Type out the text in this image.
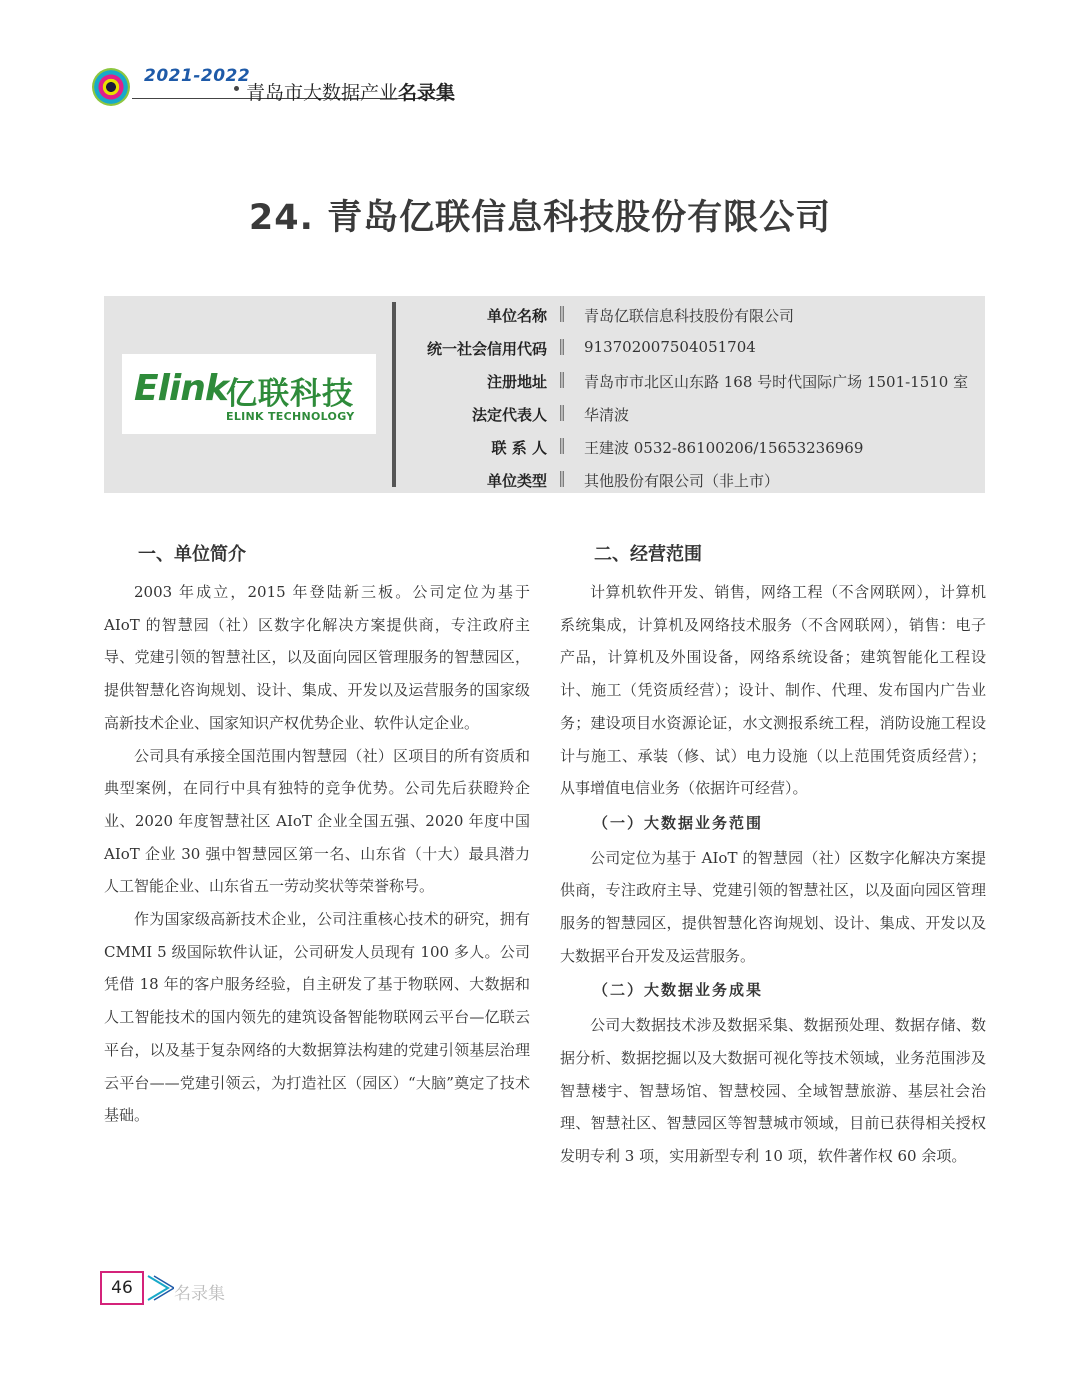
2021-2022
青岛市大数据产业名录集
24. 青岛亿联信息科技股份有限公司
Elink
亿联科技
ELINK TECHNOLOGY
单位名称 ‖ 青岛亿联信息科技股份有限公司
统一社会信用代码 ‖ 913702007504051704
注册地址 ‖ 青岛市市北区山东路 168 号时代国际广场 1501-1510 室
法定代表人 ‖ 华清波
联 系 人 ‖ 王建波 0532-86100206/15653236969
单位类型 ‖ 其他股份有限公司（非上市）
一、单位简介

2003 年成立，2015 年登陆新三板。公司定位为基于 AIoT 的智慧园（社）区数字化解决方案提供商，专注政府主导、党建引领的智慧社区，以及面向园区管理服务的智慧园区，提供智慧化咨询规划、设计、集成、开发以及运营服务的国家级高新技术企业、国家知识产权优势企业、软件认定企业。

公司具有承接全国范围内智慧园（社）区项目的所有资质和典型案例，在同行中具有独特的竞争优势。公司先后获瞪羚企业、2020 年度智慧社区 AIoT 企业全国五强、2020 年度中国 AIoT 企业 30 强中智慧园区第一名、山东省（十大）最具潜力人工智能企业、山东省五一劳动奖状等荣誉称号。

作为国家级高新技术企业，公司注重核心技术的研究，拥有 CMMI 5 级国际软件认证，公司研发人员现有 100 多人。公司凭借 18 年的客户服务经验，自主研发了基于物联网、大数据和人工智能技术的国内领先的建筑设备智能物联网云平台—亿联云平台，以及基于复杂网络的大数据算法构建的党建引领基层治理云平台——党建引领云，为打造社区（园区）“大脑”奠定了技术基础。

二、经营范围

计算机软件开发、销售，网络工程（不含网联网），计算机系统集成，计算机及网络技术服务（不含网联网），销售：电子产品，计算机及外围设备，网络系统设备；建筑智能化工程设计、施工（凭资质经营）；设计、制作、代理、发布国内广告业务；建设项目水资源论证，水文测报系统工程，消防设施工程设计与施工、承装（修、试）电力设施（以上范围凭资质经营）；从事增值电信业务（依据许可经营）。

（一）大数据业务范围

公司定位为基于 AIoT 的智慧园（社）区数字化解决方案提供商，专注政府主导、党建引领的智慧社区，以及面向园区管理服务的智慧园区，提供智慧化咨询规划、设计、集成、开发以及大数据平台开发及运营服务。

（二）大数据业务成果

公司大数据技术涉及数据采集、数据预处理、数据存储、数据分析、数据挖掘以及大数据可视化等技术领域，业务范围涉及智慧楼宇、智慧场馆、智慧校园、全域智慧旅游、基层社会治理、智慧社区、智慧园区等智慧城市领域，目前已获得相关授权发明专利 3 项，实用新型专利 10 项，软件著作权 60 余项。

46	名录集
